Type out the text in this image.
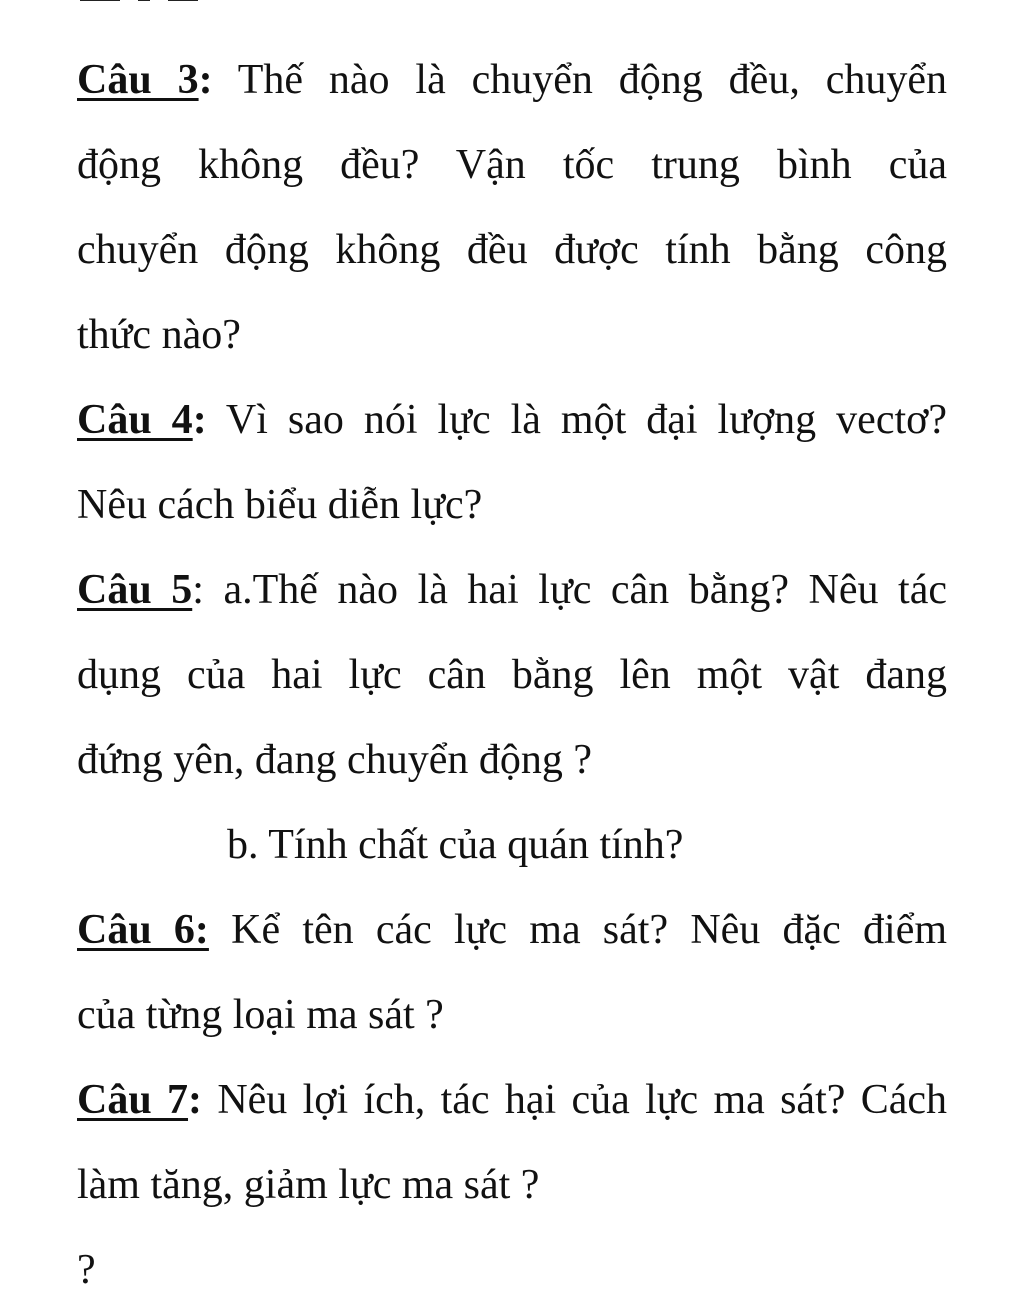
Câu 3: Thế nào là chuyển động đều, chuyển
động không đều? Vận tốc trung bình của
chuyển động không đều được tính bằng công
thức nào?
Câu 4: Vì sao nói lực là một đại lượng vectơ?
Nêu cách biểu diễn lực?
Câu 5: a.Thế nào là hai lực cân bằng? Nêu tác
dụng của hai lực cân bằng lên một vật đang
đứng yên, đang chuyển động ?
b. Tính chất của quán tính?
Câu 6: Kể tên các lực ma sát? Nêu đặc điểm
của từng loại ma sát ?
Câu 7: Nêu lợi ích, tác hại của lực ma sát? Cách
làm tăng, giảm lực ma sát ?
?
